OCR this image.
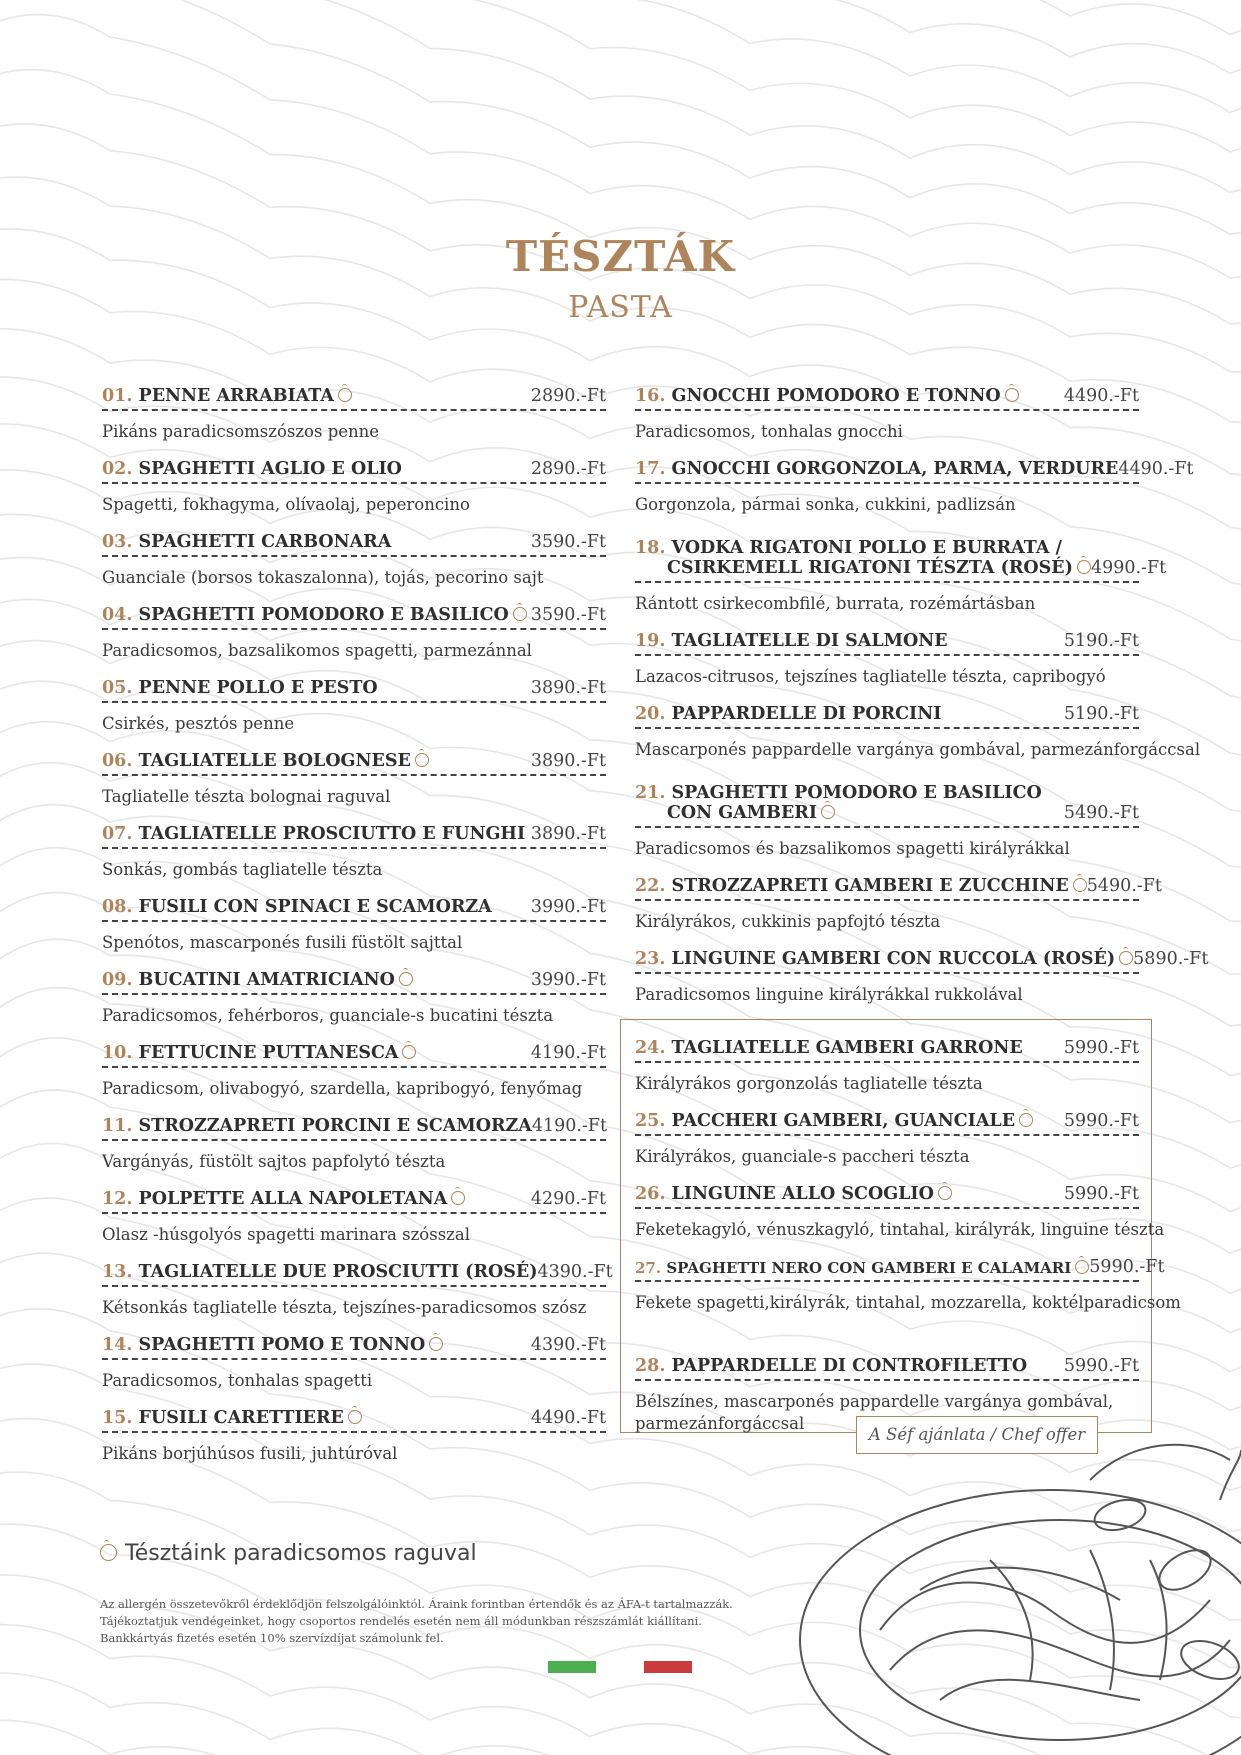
TÉSZTÁK
PASTA
01. PENNE ARRABIATA	2890.-Ft
Pikáns paradicsomszószos penne
02. SPAGHETTI AGLIO E OLIO	2890.-Ft
Spagetti, fokhagyma, olívaolaj, peperoncino
03. SPAGHETTI CARBONARA	3590.-Ft
Guanciale (borsos tokaszalonna), tojás, pecorino sajt
04. SPAGHETTI POMODORO E BASILICO	3590.-Ft
Paradicsomos, bazsalikomos spagetti, parmezánnal
05. PENNE POLLO E PESTO	3890.-Ft
Csirkés, pesztós penne
06. TAGLIATELLE BOLOGNESE	3890.-Ft
Tagliatelle tészta bolognai raguval
07. TAGLIATELLE PROSCIUTTO E FUNGHI 3890.-Ft
Sonkás, gombás tagliatelle tészta
08. FUSILI CON SPINACI E SCAMORZA 3990.-Ft
Spenótos, mascarponés fusili füstölt sajttal
09. BUCATINI AMATRICIANO	3990.-Ft
Paradicsomos, fehérboros, guanciale-s bucatini tészta
10. FETTUCINE PUTTANESCA	4190.-Ft
Paradicsom, olivabogyó, szardella, kapribogyó, fenyőmag
11. STROZZAPRETI PORCINI E SCAMORZA 4190.-Ft
Vargányás, füstölt sajtos papfolytó tészta
12. POLPETTE ALLA NAPOLETANA	4290.-Ft
Olasz -húsgolyós spagetti marinara szósszal
13. TAGLIATELLE DUE PROSCIUTTI (ROSÉ) 4390.-Ft
Kétsonkás tagliatelle tészta, tejszínes-paradicsomos szósz
14. SPAGHETTI POMO E TONNO	4390.-Ft
Paradicsomos, tonhalas spagetti
15. FUSILI CARETTIERE	4490.-Ft
Pikáns borjúhúsos fusili, juhtúróval
16. GNOCCHI POMODORO E TONNO	4490.-Ft
Paradicsomos, tonhalas gnocchi
17. GNOCCHI GORGONZOLA, PARMA, VERDURE 4490.-Ft
Gorgonzola, pármai sonka, cukkini, padlizsán
18. VODKA RIGATONI POLLO E BURRATA /
CSIRKEMELL RIGATONI TÉSZTA (ROSÉ)	4990.-Ft
Rántott csirkecombfilé, burrata, rozémártásban
19. TAGLIATELLE DI SALMONE	5190.-Ft
Lazacos-citrusos, tejszínes tagliatelle tészta, capribogyó
20. PAPPARDELLE DI PORCINI	5190.-Ft
Mascarponés pappardelle vargánya gombával, parmezánforgáccsal
21. SPAGHETTI POMODORO E BASILICO
CON GAMBERI	5490.-Ft
Paradicsomos és bazsalikomos spagetti királyrákkal
22. STROZZAPRETI GAMBERI E ZUCCHINE	5490.-Ft
Királyrákos, cukkinis papfojtó tészta
23. LINGUINE GAMBERI CON RUCCOLA (ROSÉ)	5890.-Ft
Paradicsomos linguine királyrákkal rukkolával
24. TAGLIATELLE GAMBERI GARRONE 5990.-Ft
Királyrákos gorgonzolás tagliatelle tészta
25. PACCHERI GAMBERI, GUANCIALE	5990.-Ft
Királyrákos, guanciale-s paccheri tészta
26. LINGUINE ALLO SCOGLIO	5990.-Ft
Feketekagyló, vénuszkagyló, tintahal, királyrák, linguine tészta
27. SPAGHETTI NERO CON GAMBERI E CALAMARI	5990.-Ft
Fekete spagetti,királyrák, tintahal, mozzarella, koktélparadicsom
28. PAPPARDELLE DI CONTROFILETTO 5990.-Ft
Bélszínes, mascarponés pappardelle vargánya gombával,
parmezánforgáccsal
A Séf ajánlata / Chef offer
Tésztáink paradicsomos raguval
Az allergén összetevőkről érdeklődjön felszolgálóinktól. Áraink forintban értendők és az ÁFA-t tartalmazzák.
Tájékoztatjuk vendégeinket, hogy csoportos rendelés esetén nem áll módunkban részszámlát kiállítani.
Bankkártyás fizetés esetén 10% szervízdíjat számolunk fel.
